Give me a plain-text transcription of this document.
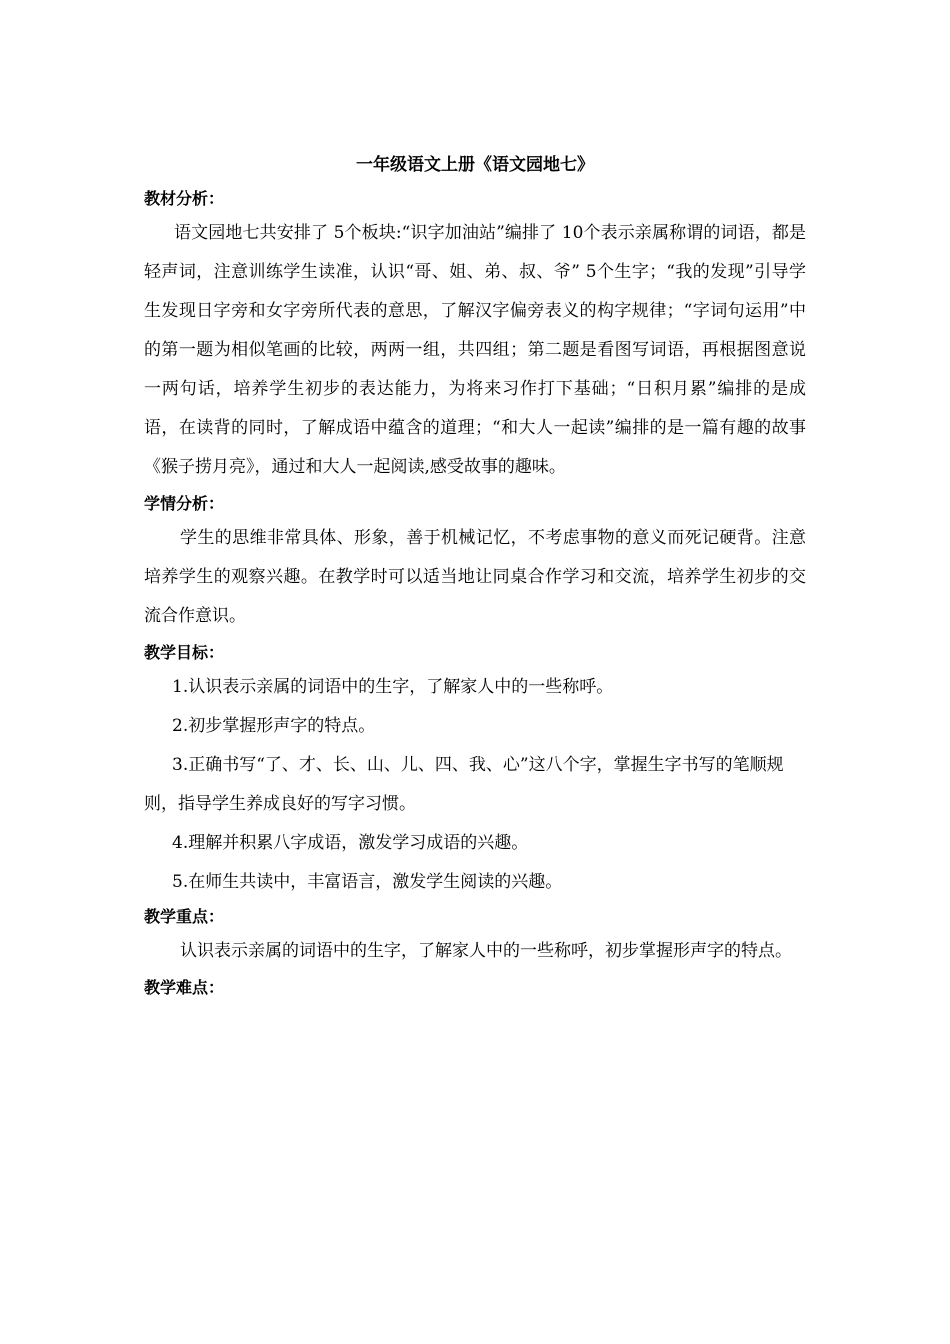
一年级语文上册《语文园地七》
教材分析：

语文园地七共安排了 5个板块:“识字加油站”编排了 10个表示亲属称谓的词语，都是轻声词，注意训练学生读准，认识“哥、姐、弟、叔、爷” 5个生字；“我的发现”引导学生发现日字旁和女字旁所代表的意思，了解汉字偏旁表义的构字规律；“字词句运用”中的第一题为相似笔画的比较，两两一组，共四组；第二题是看图写词语，再根据图意说一两句话，培养学生初步的表达能力，为将来习作打下基础；“日积月累”编排的是成语，在读背的同时，了解成语中蕴含的道理；“和大人一起读”编排的是一篇有趣的故事《猴子捞月亮》，通过和大人一起阅读,感受故事的趣味。

学情分析：

学生的思维非常具体、形象，善于机械记忆，不考虑事物的意义而死记硬背。注意培养学生的观察兴趣。在教学时可以适当地让同桌合作学习和交流，培养学生初步的交流合作意识。

教学目标：

1.认识表示亲属的词语中的生字，了解家人中的一些称呼。

2.初步掌握形声字的特点。

3.正确书写“了、才、长、山、儿、四、我、心”这八个字，掌握生字书写的笔顺规则，指导学生养成良好的写字习惯。

4.理解并积累八字成语，激发学习成语的兴趣。

5.在师生共读中，丰富语言，激发学生阅读的兴趣。

教学重点：

认识表示亲属的词语中的生字，了解家人中的一些称呼，初步掌握形声字的特点。

教学难点：
